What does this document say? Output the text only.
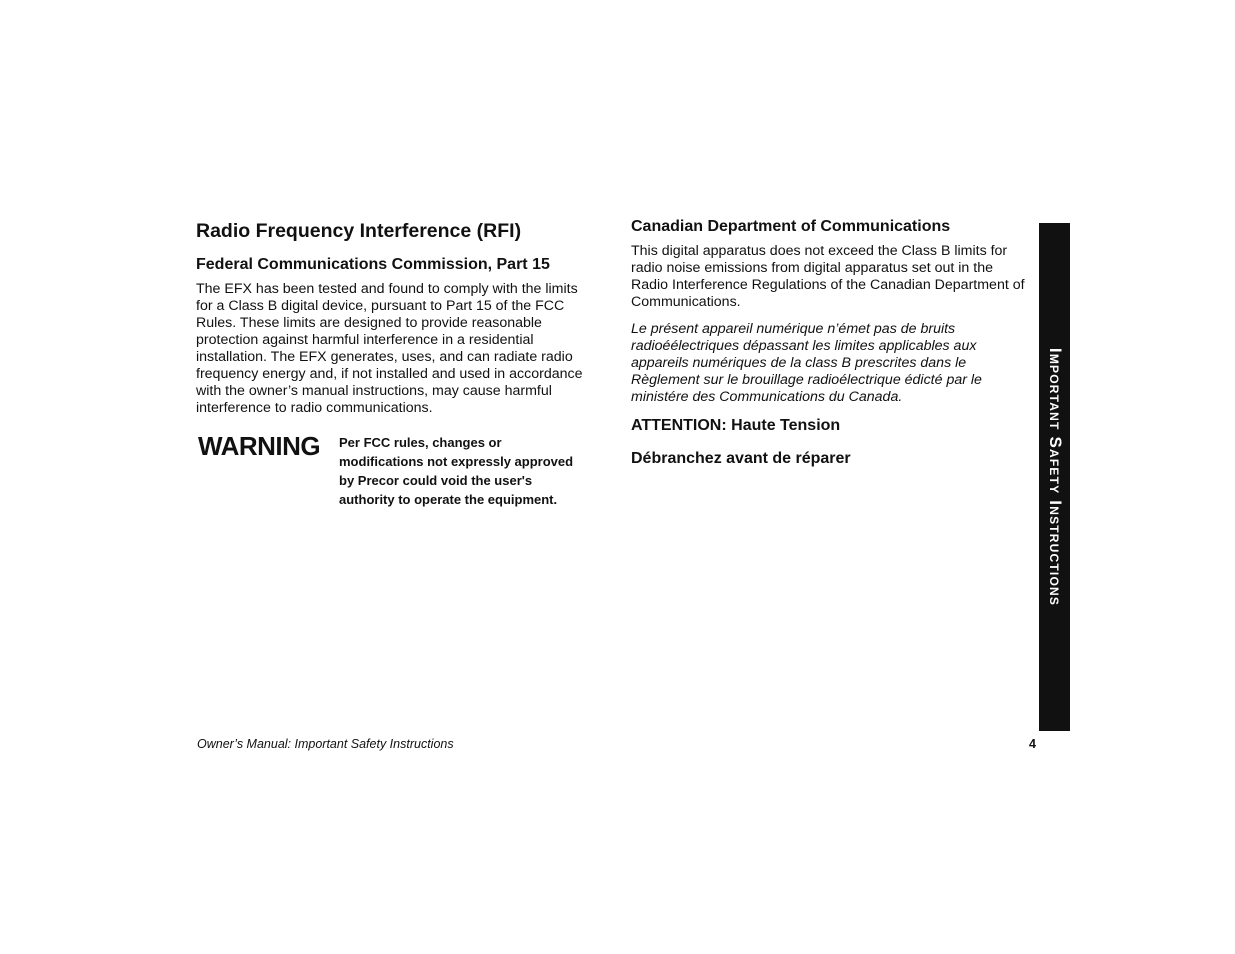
Radio Frequency Interference (RFI)
Federal Communications Commission, Part 15

The EFX has been tested and found to comply with the limits for a Class B digital device, pursuant to Part 15 of the FCC Rules. These limits are designed to provide reasonable protection against harmful interference in a residential installation. The EFX generates, uses, and can radiate radio frequency energy and, if not installed and used in accordance with the owner’s manual instructions, may cause harmful interference to radio communications.

WARNING	Per FCC rules, changes or modifications not expressly approved by Precor could void the user's authority to operate the equipment.
Canadian Department of Communications

This digital apparatus does not exceed the Class B limits for radio noise emissions from digital apparatus set out in the Radio Interference Regulations of the Canadian Department of Communications.

Le présent appareil numérique n’émet pas de bruits radioéélectriques dépassant les limites applicables aux appareils numériques de la class B prescrites dans le Règlement sur le brouillage radioélectrique édicté par le ministére des Communications du Canada.

ATTENTION: Haute Tension
Débranchez avant de réparer	Important Safety Instructions
Owner’s Manual: Important Safety Instructions	4
